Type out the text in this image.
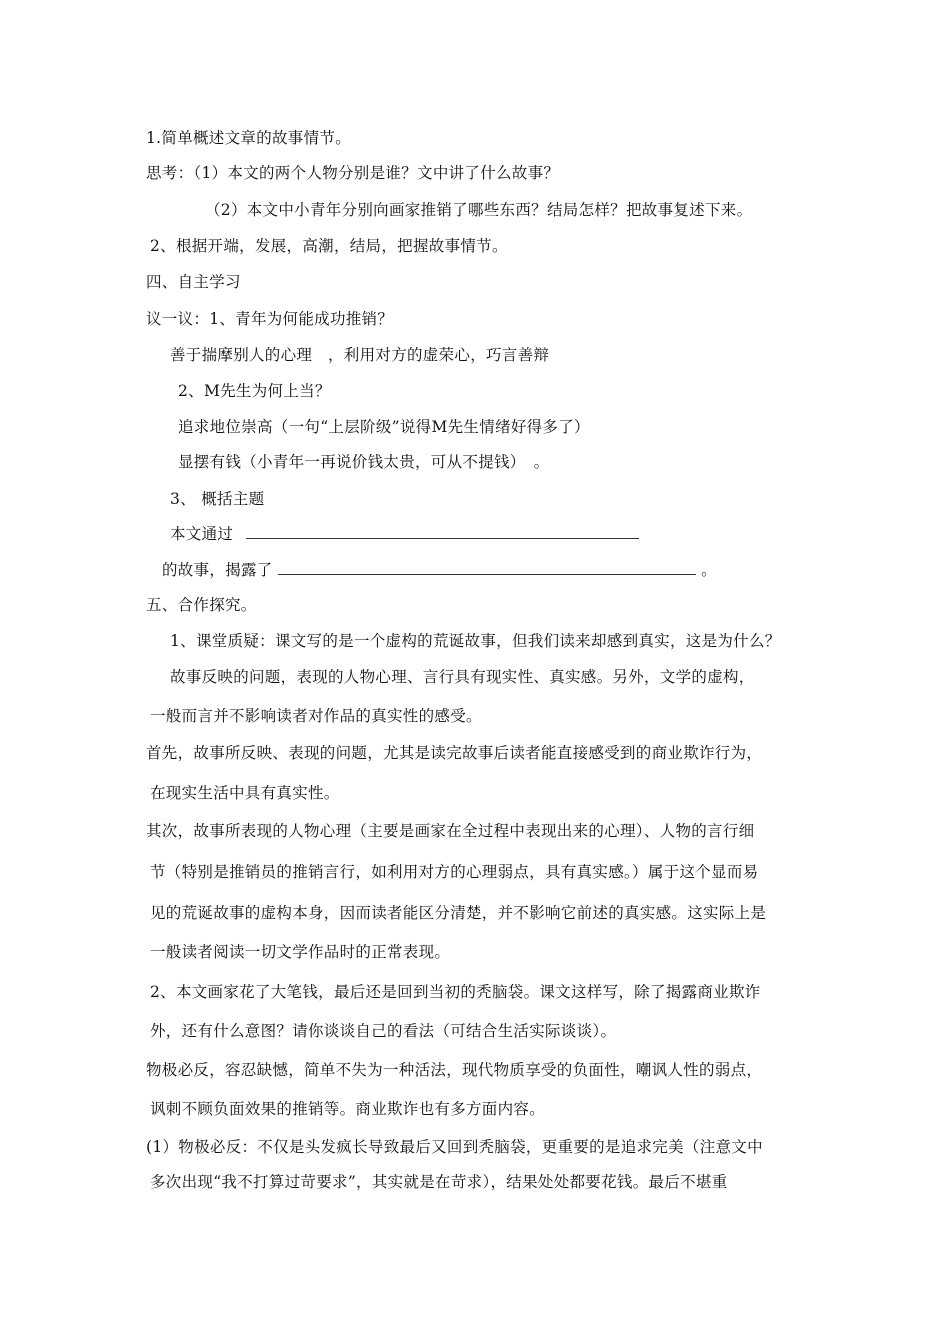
1.简单概述文章的故事情节。
思考：（1）本文的两个人物分别是谁？文中讲了什么故事？
（2）本文中小青年分别向画家推销了哪些东西？结局怎样？把故事复述下来。
2、根据开端，发展，高潮，结局，把握故事情节。
四、自主学习
议一议：1、青年为何能成功推销？
善于揣摩别人的心理　，利用对方的虚荣心，巧言善辩
2、M先生为何上当？
追求地位崇高（一句“上层阶级”说得M先生情绪好得多了）
显摆有钱（小青年一再说价钱太贵，可从不提钱）　。
3、 概括主题
本文通过
的故事，揭露了	。
五、合作探究。
1、课堂质疑：课文写的是一个虚构的荒诞故事，但我们读来却感到真实，这是为什么？
故事反映的问题，表现的人物心理、言行具有现实性、真实感。另外，文学的虚构，
一般而言并不影响读者对作品的真实性的感受。
首先，故事所反映、表现的问题，尤其是读完故事后读者能直接感受到的商业欺诈行为，
在现实生活中具有真实性。
其次，故事所表现的人物心理（主要是画家在全过程中表现出来的心理）、人物的言行细
节（特别是推销员的推销言行，如利用对方的心理弱点，具有真实感。）属于这个显而易
见的荒诞故事的虚构本身，因而读者能区分清楚，并不影响它前述的真实感。这实际上是
一般读者阅读一切文学作品时的正常表现。
2、本文画家花了大笔钱，最后还是回到当初的秃脑袋。课文这样写，除了揭露商业欺诈
外，还有什么意图？请你谈谈自己的看法（可结合生活实际谈谈）。
物极必反，容忍缺憾，简单不失为一种活法，现代物质享受的负面性，嘲讽人性的弱点，
讽刺不顾负面效果的推销等。商业欺诈也有多方面内容。
(1）物极必反：不仅是头发疯长导致最后又回到秃脑袋，更重要的是追求完美（注意文中
多次出现“我不打算过苛要求”，其实就是在苛求），结果处处都要花钱。最后不堪重
